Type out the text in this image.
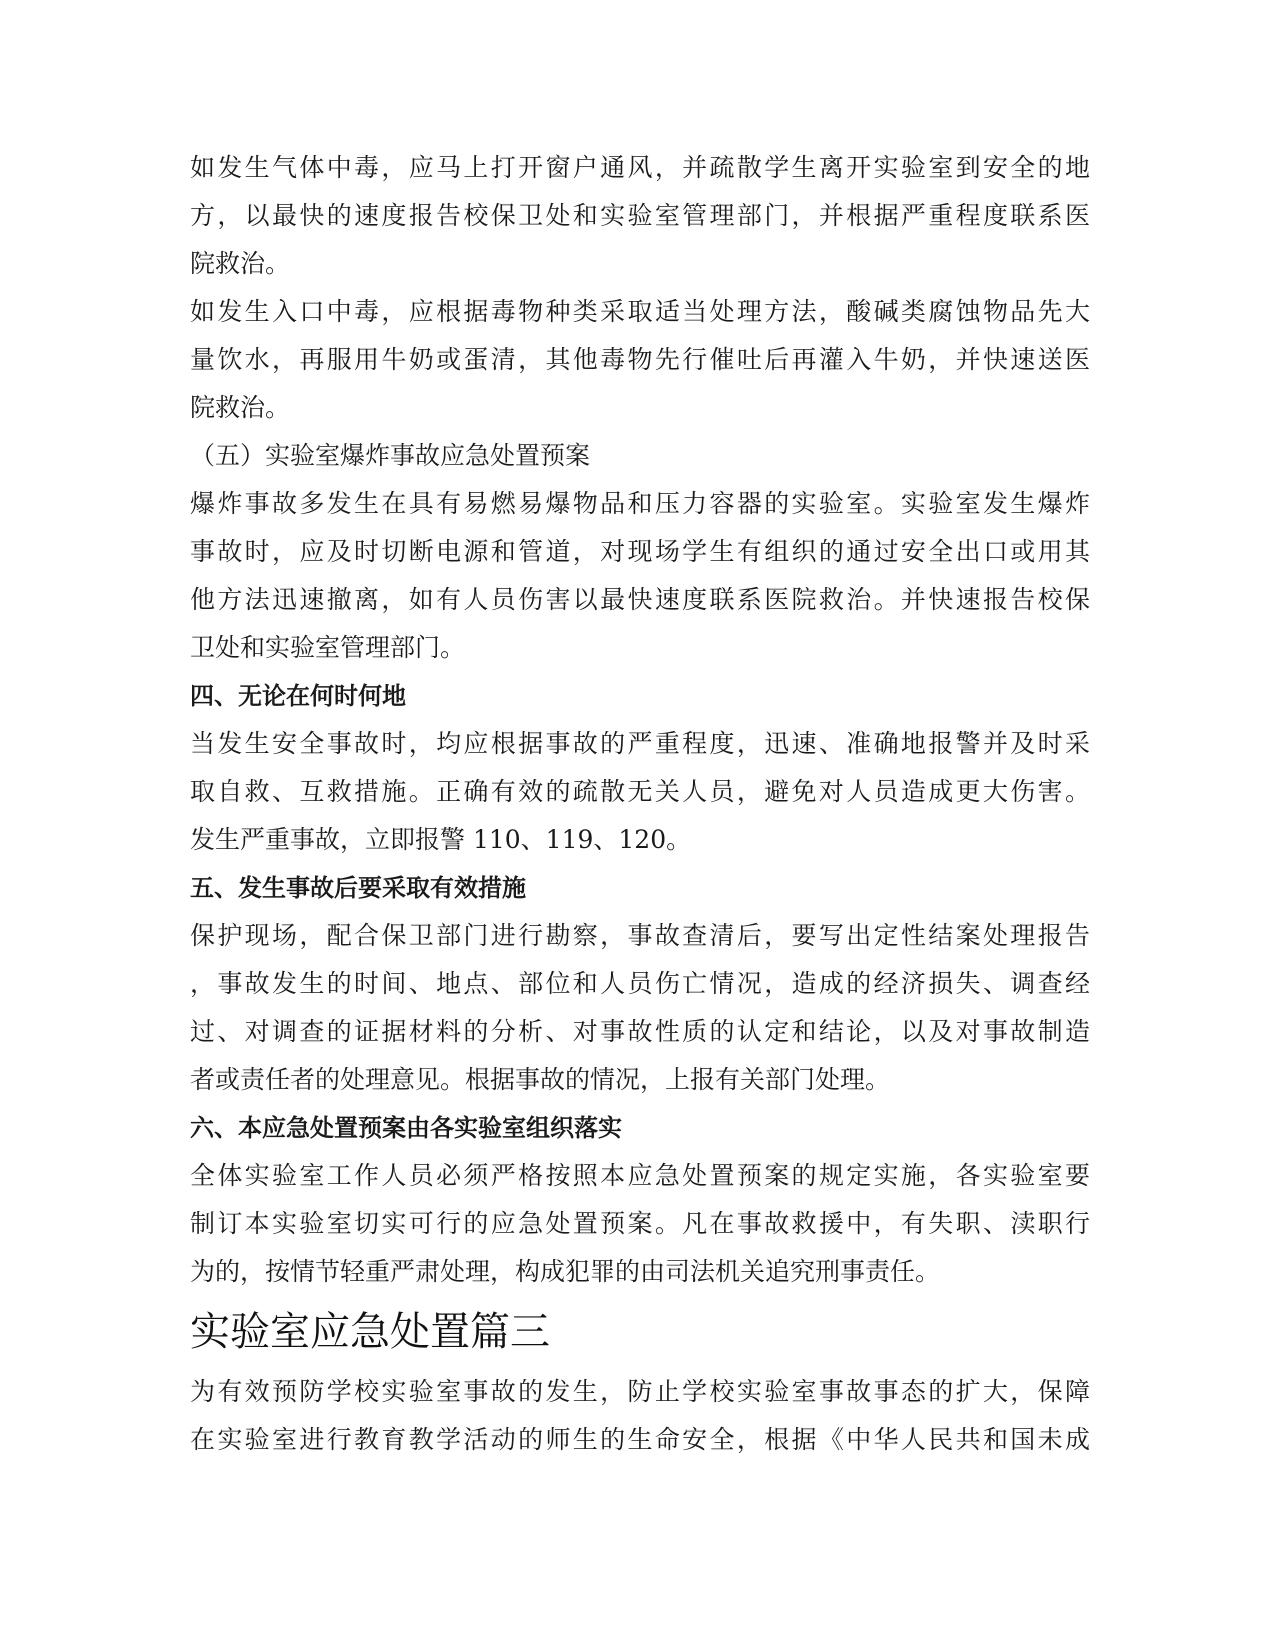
如发生气体中毒，应马上打开窗户通风，并疏散学生离开实验室到安全的地
方，以最快的速度报告校保卫处和实验室管理部门，并根据严重程度联系医
院救治。
如发生入口中毒，应根据毒物种类采取适当处理方法，酸碱类腐蚀物品先大
量饮水，再服用牛奶或蛋清，其他毒物先行催吐后再灌入牛奶，并快速送医
院救治。
（五）实验室爆炸事故应急处置预案
爆炸事故多发生在具有易燃易爆物品和压力容器的实验室。实验室发生爆炸
事故时，应及时切断电源和管道，对现场学生有组织的通过安全出口或用其
他方法迅速撤离，如有人员伤害以最快速度联系医院救治。并快速报告校保
卫处和实验室管理部门。
四、无论在何时何地
当发生安全事故时，均应根据事故的严重程度，迅速、准确地报警并及时采
取自救、互救措施。正确有效的疏散无关人员，避免对人员造成更大伤害。
发生严重事故，立即报警 110、119、120。
五、发生事故后要采取有效措施
保护现场，配合保卫部门进行勘察，事故查清后，要写出定性结案处理报告
，事故发生的时间、地点、部位和人员伤亡情况，造成的经济损失、调查经
过、对调查的证据材料的分析、对事故性质的认定和结论，以及对事故制造
者或责任者的处理意见。根据事故的情况，上报有关部门处理。
六、本应急处置预案由各实验室组织落实
全体实验室工作人员必须严格按照本应急处置预案的规定实施，各实验室要
制订本实验室切实可行的应急处置预案。凡在事故救援中，有失职、渎职行
为的，按情节轻重严肃处理，构成犯罪的由司法机关追究刑事责任。
实验室应急处置篇三
为有效预防学校实验室事故的发生，防止学校实验室事故事态的扩大，保障
在实验室进行教育教学活动的师生的生命安全，根据《中华人民共和国未成
